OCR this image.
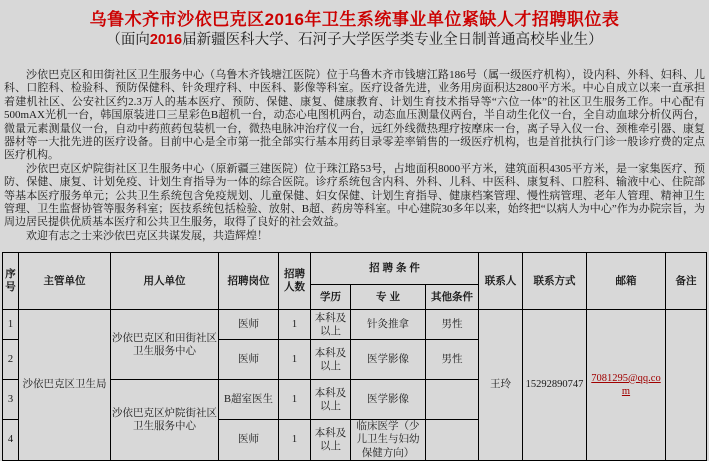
乌鲁木齐市沙依巴克区2016年卫生系统事业单位紧缺人才招聘职位表
（面向2016届新疆医科大学、石河子大学医学类专业全日制普通高校毕业生）

沙依巴克区和田街社区卫生服务中心（乌鲁木齐钱塘江医院）位于乌鲁木齐市钱塘江路186号（属一级医疗机构），设内科、外科、妇科、儿科、口腔科、检验科、预防保健科、针灸理疗科、中医科、影像等科室。医疗设备先进，业务用房面积达2800平方米。中心自成立以来一直承担着建机社区、公安社区约2.3万人的基本医疗、预防、保健、康复、健康教育、计划生育技术指导等“六位一体”的社区卫生服务工作。中心配有500mAX光机一台，韩国原装进口三星彩色B超机一台，动态心电图机两台，动态血压测量仪两台，半自动生化仪一台，全自动血球分析仪两台，微量元素测量仪一台，自动中药煎药包装机一台，微热电脉冲治疗仪一台，远红外线微热理疗按摩床一台，离子导入仪一台、颈椎牵引器、康复器材等一大批先进的医疗设备。目前中心是全市第一批全部实行基本用药目录零差率销售的一级医疗机构，也是首批执行门诊一般诊疗费的定点医疗机构。

沙依巴克区炉院街社区卫生服务中心（原新疆三建医院）位于珠江路53号，占地面积8000平方米，建筑面积4305平方米，是一家集医疗、预防、保健、康复、计划免疫、计划生育指导为一体的综合医院。诊疗系统包含内科、外科、儿科、中医科、康复科、口腔科、输液中心、住院部等基本医疗服务单元；公共卫生系统包含免疫规划、儿童保健、妇女保健、计划生育指导、健康档案管理、慢性病管理、老年人管理、精神卫生管理、卫生监督协管等服务科室；医技系统包括检验、放射、B超、药房等科室。中心建院30多年以来，始终把“以病人为中心”作为办院宗旨，为周边居民提供优质基本医疗和公共卫生服务，取得了良好的社会效益。

欢迎有志之士来沙依巴克区共谋发展，共造辉煌！

序号	主管单位	用人单位	招聘岗位	招聘人数	招 聘 条 件			联系人	联系方式	邮箱	备注
					学历	专 业	其他条件				
1	沙依巴克区卫生局	沙依巴克区和田街社区卫生服务中心	医师	1	本科及以上	针灸推拿	男性	王玲	15292890747	7081295@qq.com	
2			医师	1	本科及以上	医学影像	男性				
3		沙依巴克区炉院街社区卫生服务中心	B超室医生	1	本科及以上	医学影像					
4			医师	1	本科及以上	临床医学（少儿卫生与妇幼保健方向）					
